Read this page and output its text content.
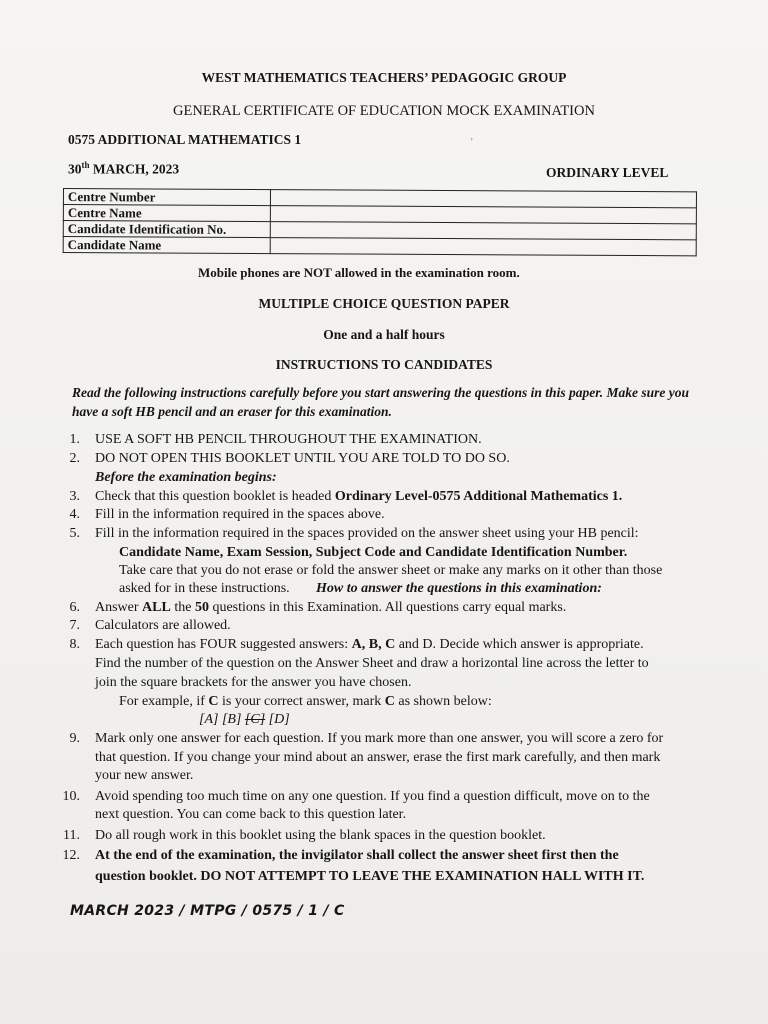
WEST MATHEMATICS TEACHERS’ PEDAGOGIC GROUP
GENERAL CERTIFICATE OF EDUCATION MOCK EXAMINATION
0575 ADDITIONAL MATHEMATICS 1
30th MARCH, 2023	ORDINARY LEVEL
Centre Number	
Centre Name	
Candidate Identification No.	
Candidate Name	
Mobile phones are NOT allowed in the examination room.
MULTIPLE CHOICE QUESTION PAPER
One and a half hours
INSTRUCTIONS TO CANDIDATES
Read the following instructions carefully before you start answering the questions in this paper. Make sure you have a soft HB pencil and an eraser for this examination.
1. USE A SOFT HB PENCIL THROUGHOUT THE EXAMINATION.
2. DO NOT OPEN THIS BOOKLET UNTIL YOU ARE TOLD TO DO SO.
Before the examination begins:
3. Check that this question booklet is headed Ordinary Level-0575 Additional Mathematics 1.
4. Fill in the information required in the spaces above.
5. Fill in the information required in the spaces provided on the answer sheet using your HB pencil:
Candidate Name, Exam Session, Subject Code and Candidate Identification Number.
Take care that you do not erase or fold the answer sheet or make any marks on it other than those
asked for in these instructions. How to answer the questions in this examination:
6. Answer ALL the 50 questions in this Examination. All questions carry equal marks.
7. Calculators are allowed.
8. Each question has FOUR suggested answers: A, B, C and D. Decide which answer is appropriate.
Find the number of the question on the Answer Sheet and draw a horizontal line across the letter to
join the square brackets for the answer you have chosen.
For example, if C is your correct answer, mark C as shown below:
[A] [B] [C] [D]
9. Mark only one answer for each question. If you mark more than one answer, you will score a zero for
that question. If you change your mind about an answer, erase the first mark carefully, and then mark
your new answer.
10. Avoid spending too much time on any one question. If you find a question difficult, move on to the
next question. You can come back to this question later.
11. Do all rough work in this booklet using the blank spaces in the question booklet.
12. At the end of the examination, the invigilator shall collect the answer sheet first then the
question booklet. DO NOT ATTEMPT TO LEAVE THE EXAMINATION HALL WITH IT.
MARCH 2023 / MTPG / 0575 / 1 / C
ʼ
